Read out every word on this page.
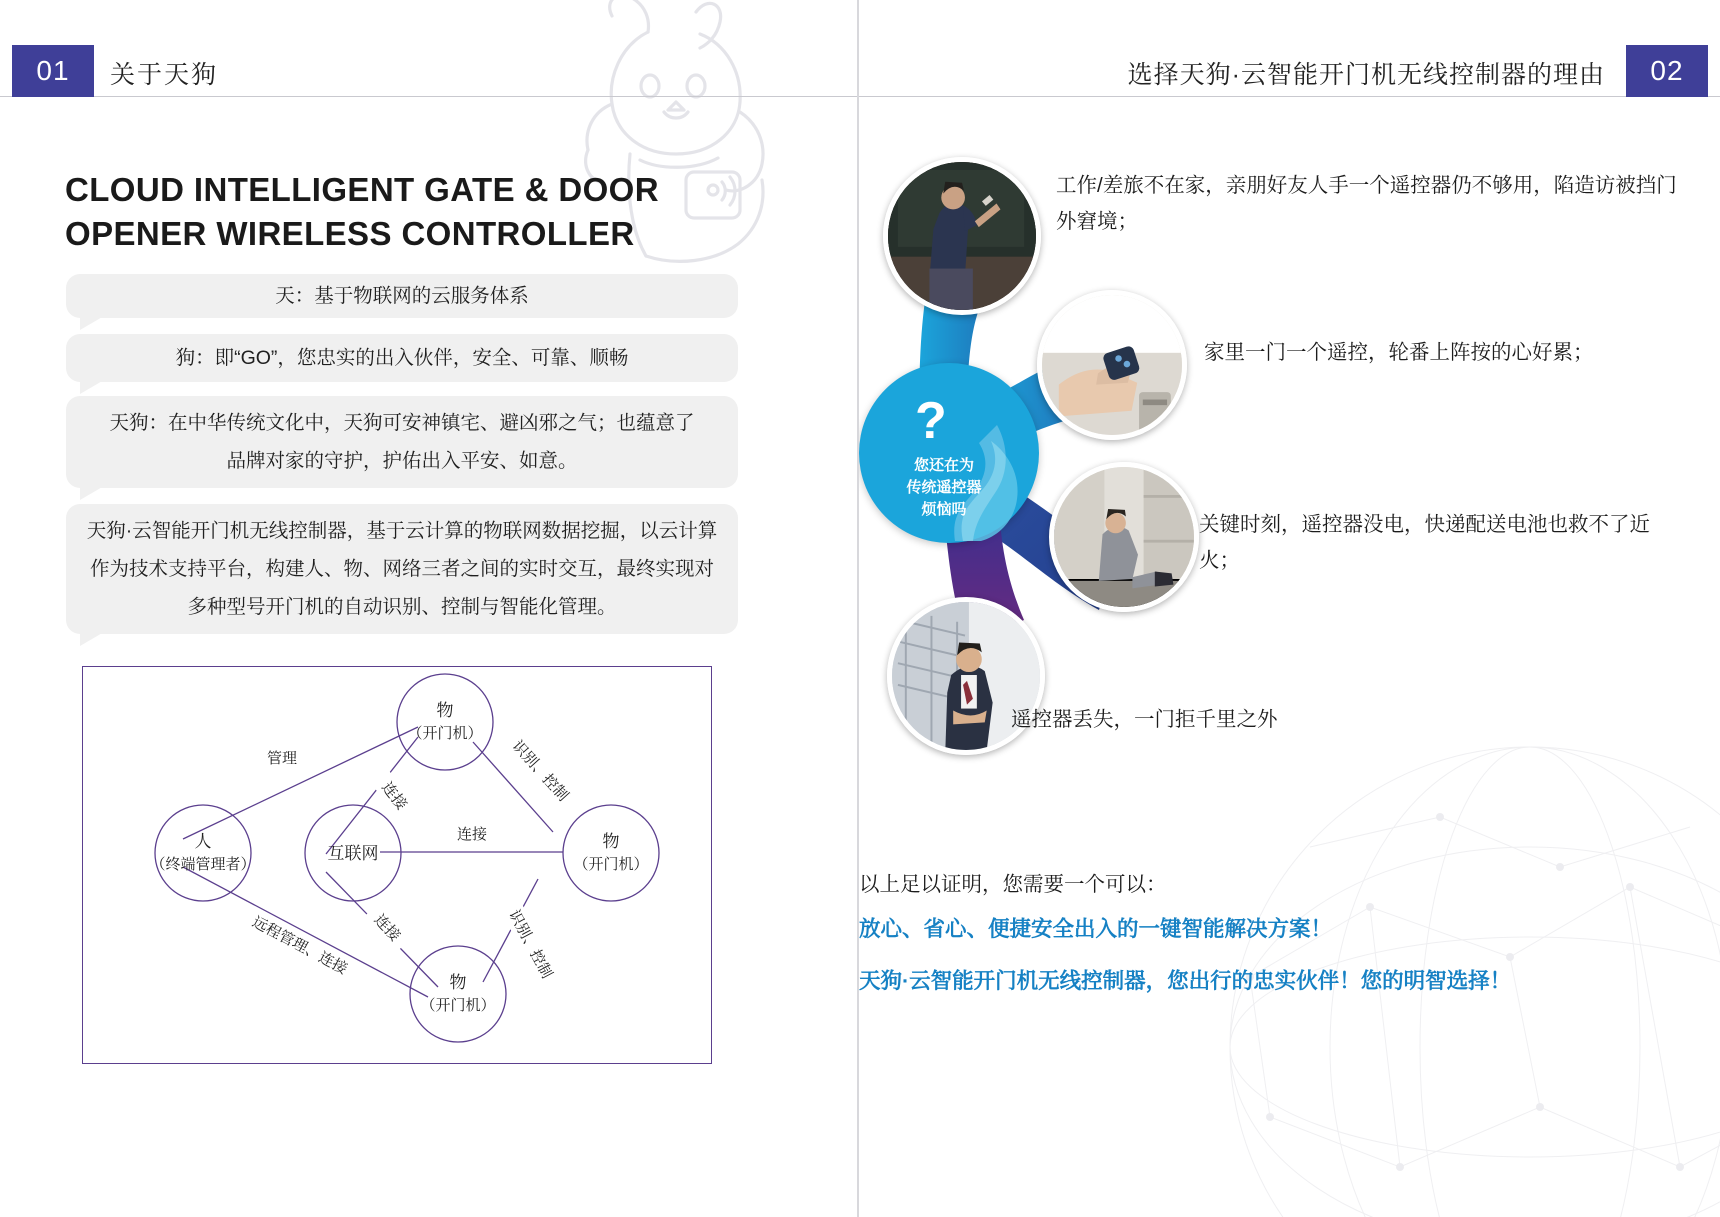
01	关于天狗
CLOUD INTELLIGENT GATE & DOOR
OPENER WIRELESS CONTROLLER
天：基于物联网的云服务体系
狗：即“GO”，您忠实的出入伙伴，安全、可靠、顺畅
天狗：在中华传统文化中，天狗可安神镇宅、避凶邪之气；也蕴意了品牌对家的守护，护佑出入平安、如意。
天狗·云智能开门机无线控制器，基于云计算的物联网数据挖掘，以云计算作为技术支持平台，构建人、物、网络三者之间的实时交互，最终实现对多种型号开门机的自动识别、控制与智能化管理。
物
（开门机）
互联网
人
（终端管理者）
物
（开门机）
物
（开门机）
管理
连接
连接
连接
识别、控制
识别、控制
远程管理、连接
02
选择天狗·云智能开门机无线控制器的理由
?
您还在为
传统遥控器
烦恼吗
工作/差旅不在家，亲朋好友人手一个遥控器仍不够用，陷造访被挡门外窘境；
家里一门一个遥控，轮番上阵按的心好累；
关键时刻，遥控器没电，快递配送电池也救不了近火；
遥控器丢失，一门拒千里之外
以上足以证明，您需要一个可以：
放心、省心、便捷安全出入的一键智能解决方案！
天狗·云智能开门机无线控制器，您出行的忠实伙伴！您的明智选择！
